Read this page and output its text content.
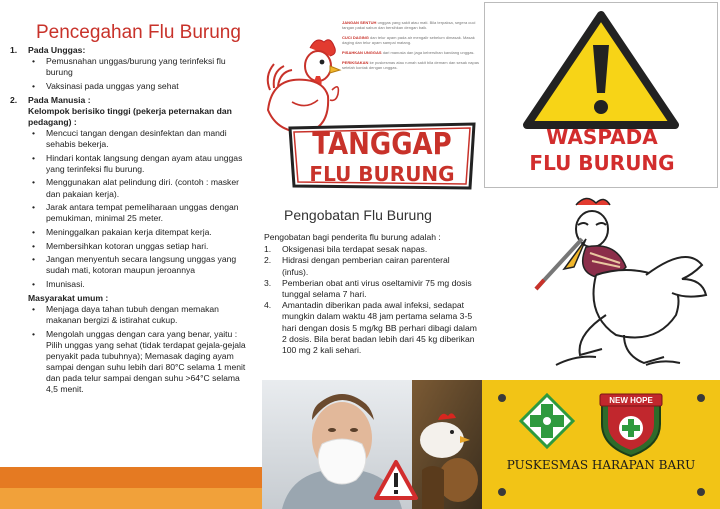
Pencegahan Flu Burung
1.	Pada Unggas:
• Pemusnahan unggas/burung yang terinfeksi flu burung
• Vaksinasi pada unggas yang sehat
2.	Pada Manusia :
Kelompok berisiko tinggi (pekerja peternakan dan pedagang) :
• Mencuci tangan dengan desinfektan dan mandi sehabis bekerja.
• Hindari kontak langsung dengan ayam atau unggas yang terinfeksi flu burung.
• Menggunakan alat pelindung diri. (contoh : masker dan pakaian kerja).
• Jarak antara tempat pemeliharaan unggas dengan pemukiman, minimal 25 meter.
• Meninggalkan pakaian kerja ditempat kerja.
• Membersihkan kotoran unggas setiap hari.
• Jangan menyentuh secara langsung unggas yang sudah mati, kotoran maupun jeroannya
• Imunisasi.
Masyarakat umum :
• Menjaga daya tahan tubuh dengan memakan makanan bergizi & istirahat cukup.
• Mengolah unggas dengan cara yang benar, yaitu : Pilih unggas yang sehat (tidak terdapat gejala-gejala penyakit pada tubuhnya); Memasak daging ayam sampai dengan suhu lebih dari 80°C selama 1 menit dan pada telur sampai dengan suhu >64°C selama 4,5 menit.

JANGAN SENTUH unggas yang sakit atau mati. Bila terpaksa, segera cuci tangan pakai sabun dan bersihkan dengan baik.

CUCI DAGING dan telur ayam pada air mengalir sebelum dimasak. Masak daging dan telur ayam sampai matang.

PISAHKAN UNGGAS dari manusia dan jaga kebersihan kandang unggas.

PERIKSAKAN ke puskesmas atau rumah sakit bila demam dan sesak napas setelah kontak dengan unggas.

TANGGAP
FLU BURUNG
Pengobatan Flu Burung
Pengobatan bagi penderita flu burung adalah :
1.	Oksigenasi bila terdapat sesak napas.
2.	Hidrasi dengan pemberian cairan parenteral (infus).
3.	Pemberian obat anti virus oseltamivir 75 mg dosis tunggal selama 7 hari.
4.	Amantadin diberikan pada awal infeksi, sedapat mungkin dalam waktu 48 jam pertama selama 3-5 hari dengan dosis 5 mg/kg BB perhari dibagi dalam 2 dosis. Bila berat badan lebih dari 45 kg diberikan 100 mg 2 kali sehari.
WASPADA
FLU BURUNG
NEW HOPE
PUSKESMAS HARAPAN BARU
